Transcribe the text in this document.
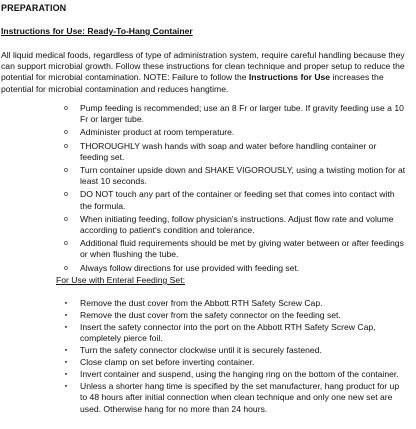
PREPARATION
Instructions for Use: Ready-To-Hang Container

All liquid medical foods, regardless of type of administration system, require careful handling because they can support microbial growth. Follow these instructions for clean technique and proper setup to reduce the potential for microbial contamination. NOTE: Failure to follow the Instructions for Use increases the potential for microbial contamination and reduces hangtime.

o Pump feeding is recommended; use an 8 Fr or larger tube. If gravity feeding use a 10 Fr or larger tube.
o Administer product at room temperature.
o THOROUGHLY wash hands with soap and water before handling container or feeding set.
o Turn container upside down and SHAKE VIGOROUSLY, using a twisting motion for at least 10 seconds.
o DO NOT touch any part of the container or feeding set that comes into contact with the formula.
o When initiating feeding, follow physician's instructions. Adjust flow rate and volume according to patient's condition and tolerance.
o Additional fluid requirements should be met by giving water between or after feedings or when flushing the tube.
o Always follow directions for use provided with feeding set.
For Use with Enteral Feeding Set:
▪	Remove the dust cover from the Abbott RTH Safety Screw Cap.
▪	Remove the dust cover from the safety connector on the feeding set.
▪	Insert the safety connector into the port on the Abbott RTH Safety Screw Cap, completely pierce foil.
▪	Turn the safety connector clockwise until it is securely fastened.
▪	Close clamp on set before inverting container.
▪	Invert container and suspend, using the hanging ring on the bottom of the container.
▪	Unless a shorter hang time is specified by the set manufacturer, hang product for up to 48 hours after initial connection when clean technique and only one new set are used. Otherwise hang for no more than 24 hours.
